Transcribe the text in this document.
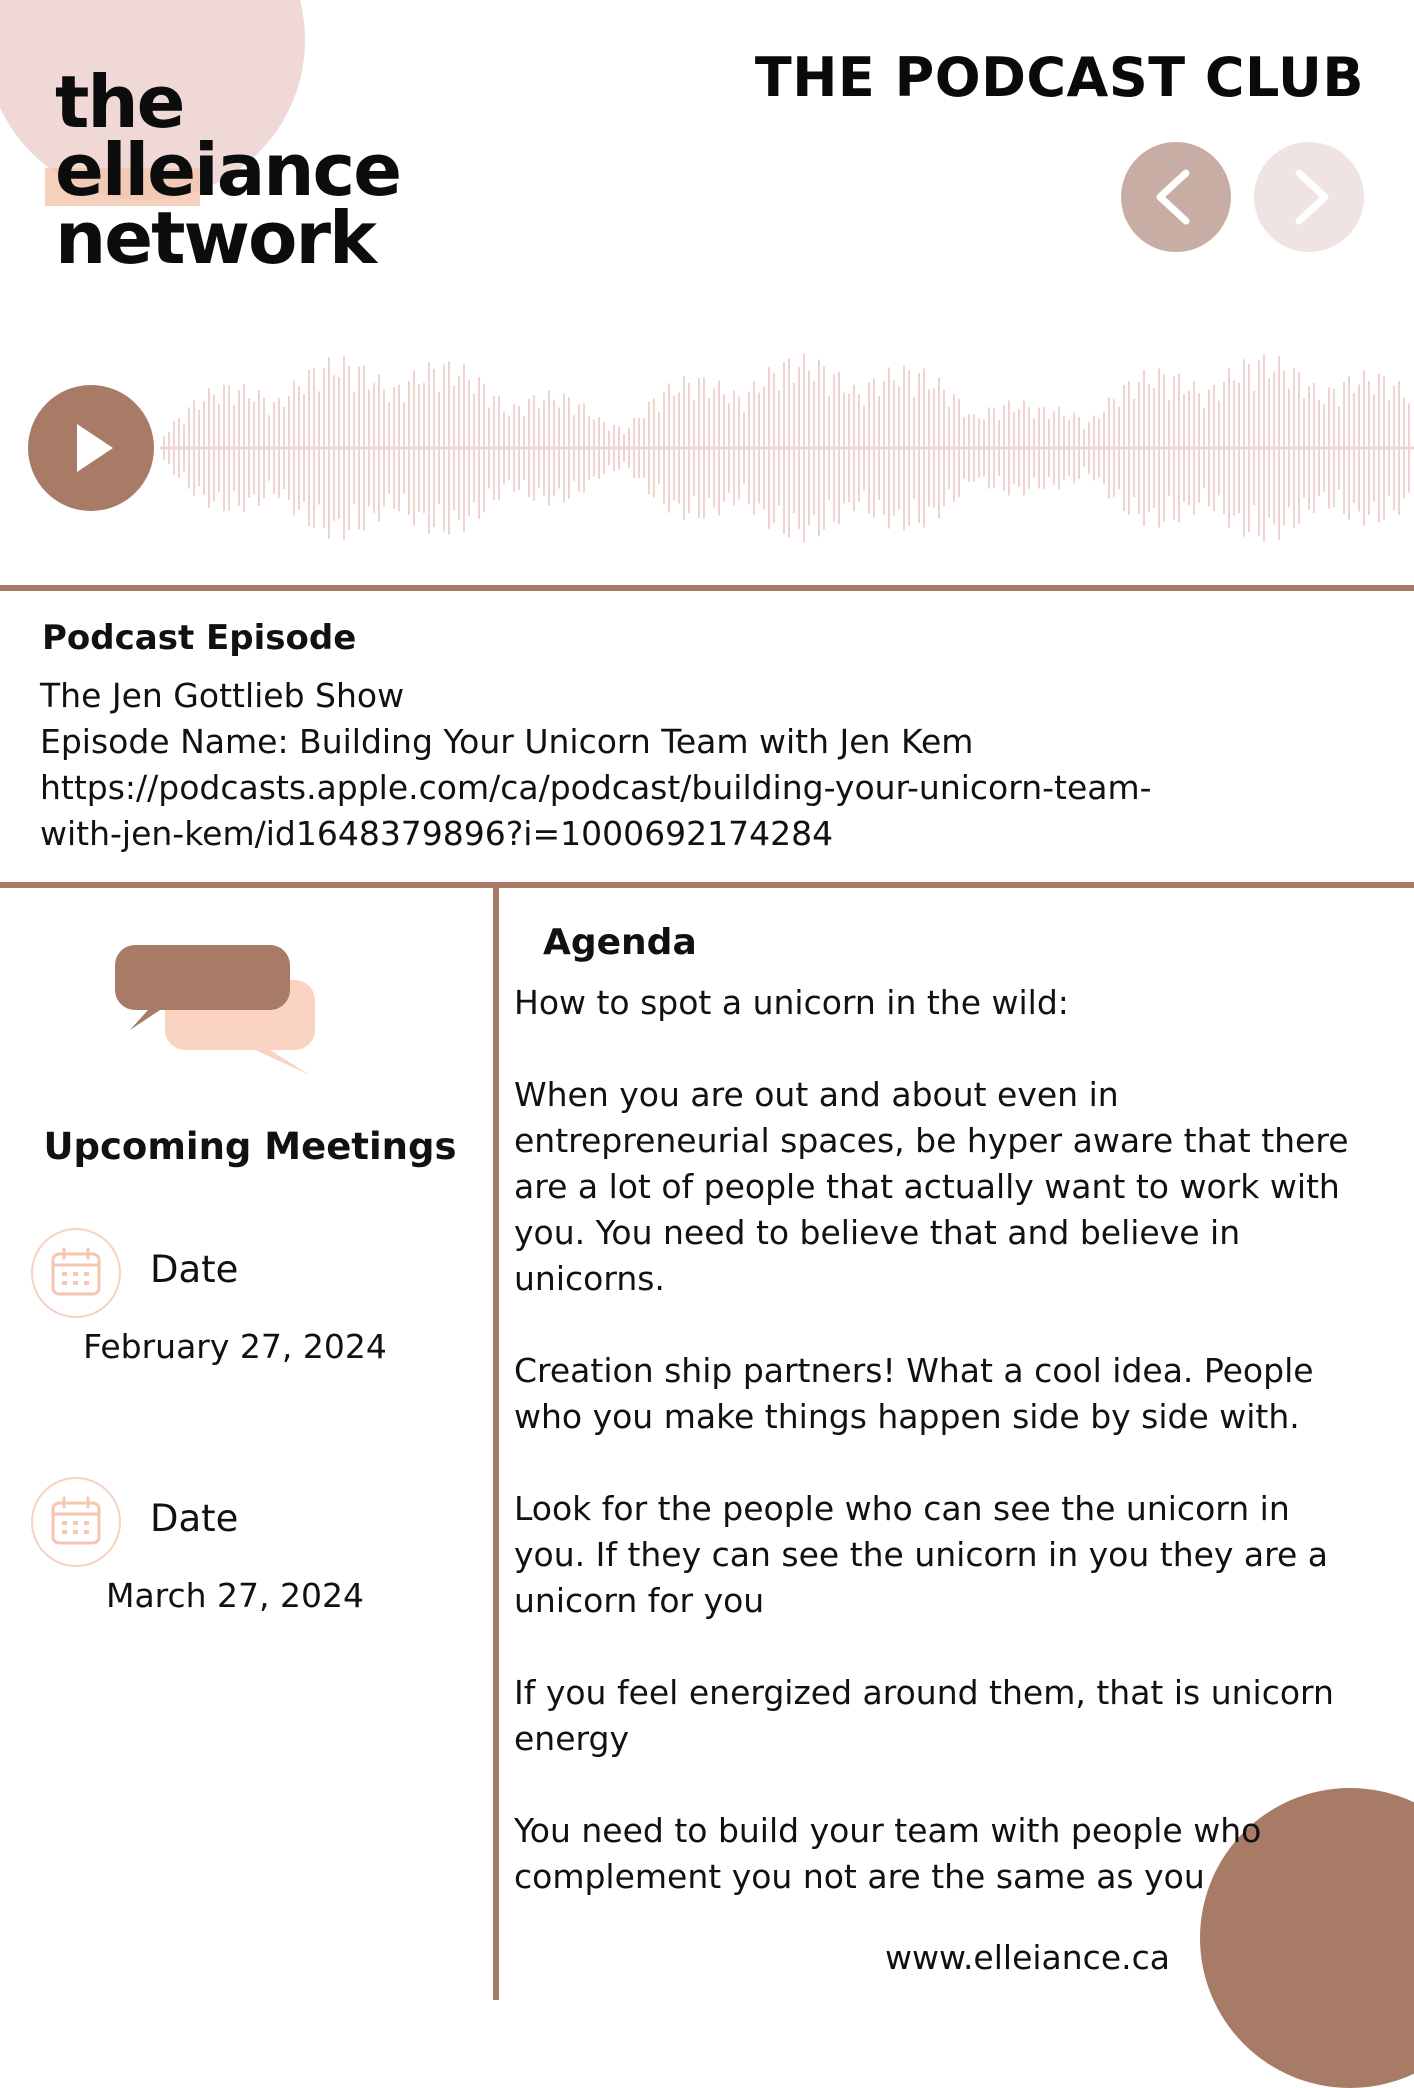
the
elleiance
network
THE PODCAST CLUB
Podcast Episode
The Jen Gottlieb Show
Episode Name: Building Your Unicorn Team with Jen Kem
https://podcasts.apple.com/ca/podcast/building-your-unicorn-team-
with-jen-kem/id1648379896?i=1000692174284
Upcoming Meetings
Date
February 27, 2024
Date
March 27, 2024
Agenda

How to spot a unicorn in the wild:

When you are out and about even in entrepreneurial spaces, be hyper aware that there are a lot of people that actually want to work with you. You need to believe that and believe in unicorns.

Creation ship partners! What a cool idea. People who you make things happen side by side with.

Look for the people who can see the unicorn in you. If they can see the unicorn in you they are a unicorn for you

If you feel energized around them, that is unicorn energy

You need to build your team with people who complement you not are the same as you

www.elleiance.ca
